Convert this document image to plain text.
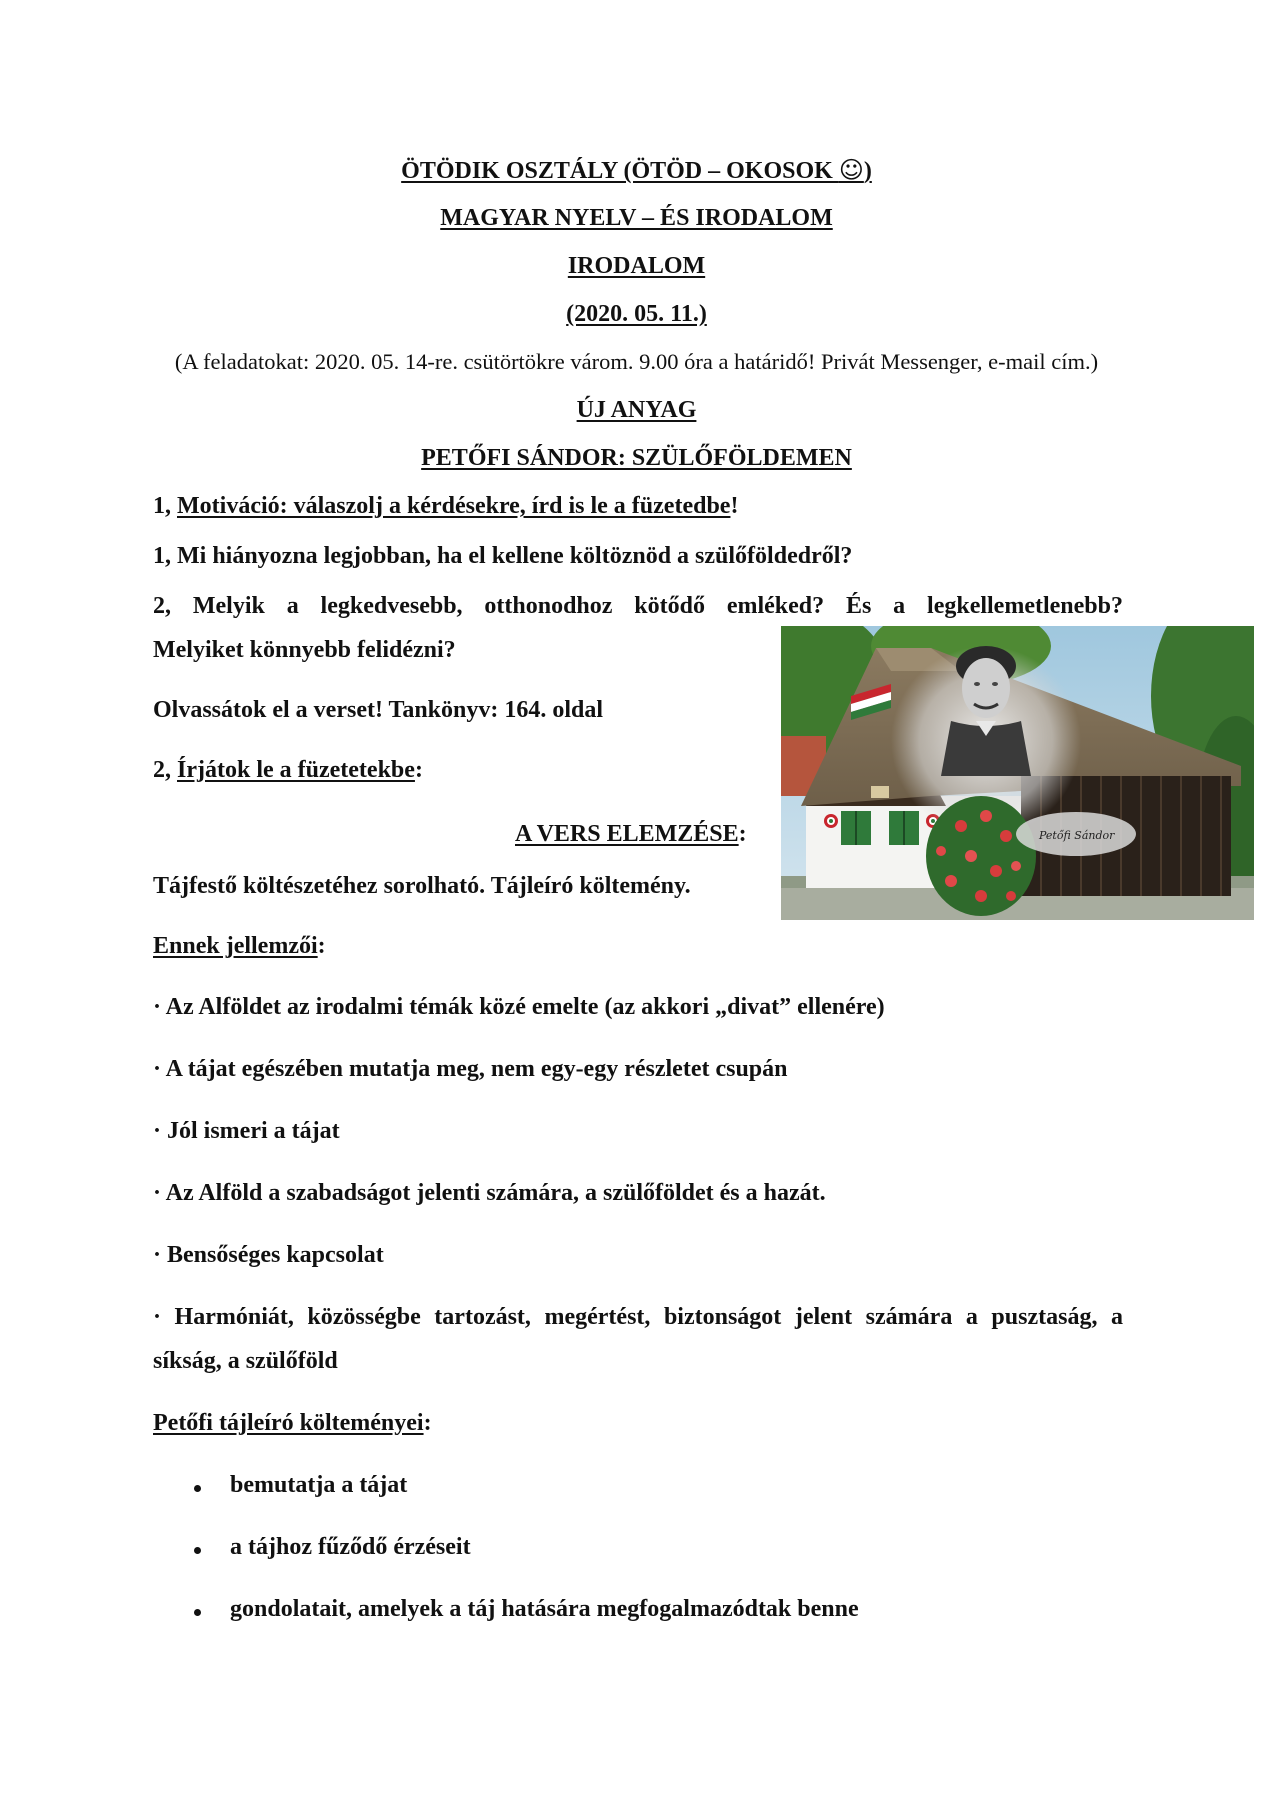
ÖTÖDIK OSZTÁLY (ÖTÖD – OKOSOK ☺)

MAGYAR NYELV – ÉS IRODALOM

IRODALOM

(2020. 05. 11.)

(A feladatokat: 2020. 05. 14-re. csütörtökre várom. 9.00 óra a határidő! Privát Messenger, e-mail cím.)

ÚJ ANYAG

PETŐFI SÁNDOR: SZÜLŐFÖLDEMEN

1, Motiváció: válaszolj a kérdésekre, írd is le a füzetedbe!

1, Mi hiányozna legjobban, ha el kellene költöznöd a szülőföldedről?

2, Melyik a legkedvesebb, otthonodhoz kötődő emléked? És a legkellemetlenebb?

Melyiket könnyebb felidézni?

Olvassátok el a verset! Tankönyv: 164. oldal

2, Írjátok le a füzetetekbe:

A VERS ELEMZÉSE:

Tájfestő költészetéhez sorolható. Tájleíró költemény.

Ennek jellemzői:

· Az Alföldet az irodalmi témák közé emelte (az akkori „divat” ellenére)

· A tájat egészében mutatja meg, nem egy-egy részletet csupán

· Jól ismeri a tájat

· Az Alföld a szabadságot jelenti számára, a szülőföldet és a hazát.

· Bensőséges kapcsolat

· Harmóniát, közösségbe tartozást, megértést, biztonságot jelent számára a pusztaság, a

síkság, a szülőföld

Petőfi tájleíró költeményei:

bemutatja a tájat

a tájhoz fűződő érzéseit

gondolatait, amelyek a táj hatására megfogalmazódtak benne

Petőfi Sándor
